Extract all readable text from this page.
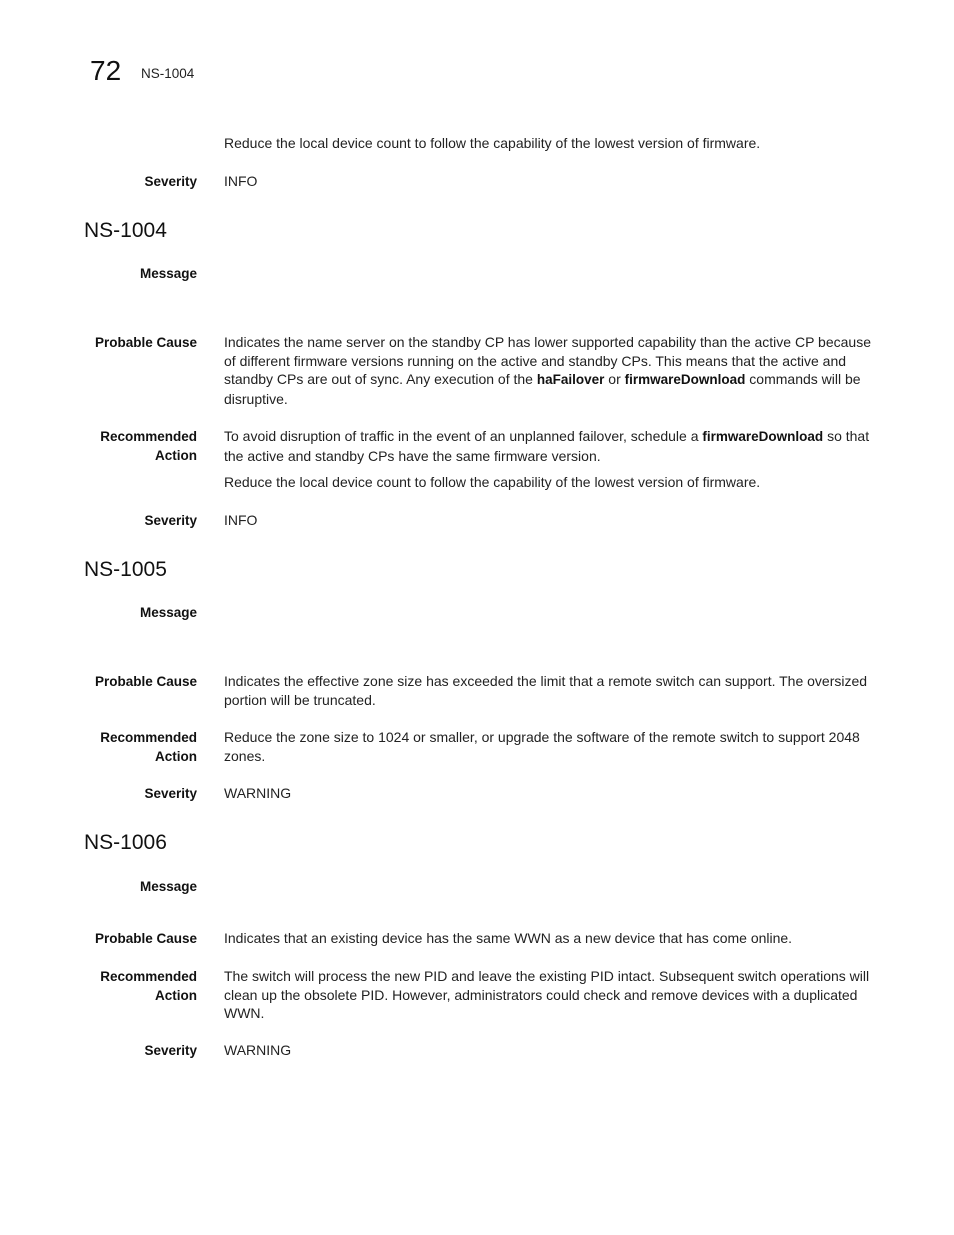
72 NS-1004
Reduce the local device count to follow the capability of the lowest version of firmware.
Severity INFO
NS-1004
Message
Probable Cause Indicates the name server on the standby CP has lower supported capability than the active CP because of different firmware versions running on the active and standby CPs. This means that the active and standby CPs are out of sync. Any execution of the haFailover or firmwareDownload commands will be disruptive.
Recommended
Action
To avoid disruption of traffic in the event of an unplanned failover, schedule a firmwareDownload so that the active and standby CPs have the same firmware version.
Reduce the local device count to follow the capability of the lowest version of firmware.
Severity INFO
NS-1005
Message
Probable Cause Indicates the effective zone size has exceeded the limit that a remote switch can support. The oversized portion will be truncated.
Recommended
Action
Reduce the zone size to 1024 or smaller, or upgrade the software of the remote switch to support 2048 zones.
Severity WARNING
NS-1006
Message
Probable Cause Indicates that an existing device has the same WWN as a new device that has come online.
Recommended
Action
The switch will process the new PID and leave the existing PID intact. Subsequent switch operations will clean up the obsolete PID. However, administrators could check and remove devices with a duplicated WWN.
Severity WARNING
